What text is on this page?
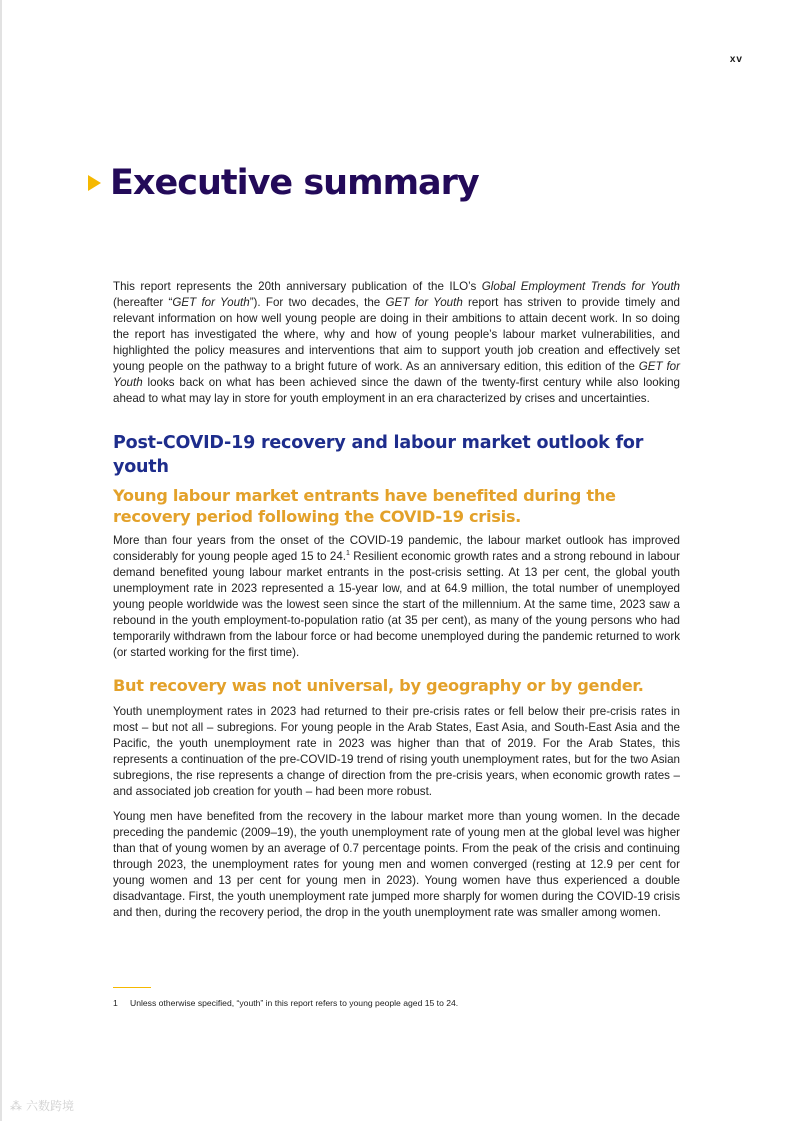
xv
Executive summary

This report represents the 20th anniversary publication of the ILO’s Global Employment Trends for Youth (hereafter “GET for Youth”). For two decades, the GET for Youth report has striven to provide timely and relevant information on how well young people are doing in their ambitions to attain decent work. In so doing the report has investigated the where, why and how of young people’s labour market vulnerabilities, and highlighted the policy measures and interventions that aim to support youth job creation and effectively set young people on the pathway to a bright future of work. As an anniversary edition, this edition of the GET for Youth looks back on what has been achieved since the dawn of the twenty-first century while also looking ahead to what may lay in store for youth employment in an era characterized by crises and uncertainties.

Post-COVID-19 recovery and labour market outlook for youth
Young labour market entrants have benefited during the recovery period following the COVID-19 crisis.

More than four years from the onset of the COVID-19 pandemic, the labour market outlook has improved considerably for young people aged 15 to 24.$^1$ Resilient economic growth rates and a strong rebound in labour demand benefited young labour market entrants in the post-crisis setting. At 13 per cent, the global youth unemployment rate in 2023 represented a 15-year low, and at 64.9 million, the total number of unemployed young people worldwide was the lowest seen since the start of the millennium. At the same time, 2023 saw a rebound in the youth employment-to-population ratio (at 35 per cent), as many of the young persons who had temporarily withdrawn from the labour force or had become unemployed during the pandemic returned to work (or started working for the first time).

But recovery was not universal, by geography or by gender.

Youth unemployment rates in 2023 had returned to their pre-crisis rates or fell below their pre-crisis rates in most – but not all – subregions. For young people in the Arab States, East Asia, and South-East Asia and the Pacific, the youth unemployment rate in 2023 was higher than that of 2019. For the Arab States, this represents a continuation of the pre-COVID-19 trend of rising youth unemployment rates, but for the two Asian subregions, the rise represents a change of direction from the pre-crisis years, when economic growth rates – and associated job creation for youth – had been more robust.

Young men have benefited from the recovery in the labour market more than young women. In the decade preceding the pandemic (2009–19), the youth unemployment rate of young men at the global level was higher than that of young women by an average of 0.7 percentage points. From the peak of the crisis and continuing through 2023, the unemployment rates for young men and women converged (resting at 12.9 per cent for young women and 13 per cent for young men in 2023). Young women have thus experienced a double disadvantage. First, the youth unemployment rate jumped more sharply for women during the COVID-19 crisis and then, during the recovery period, the drop in the youth unemployment rate was smaller among women.

1	Unless otherwise specified, “youth” in this report refers to young people aged 15 to 24.
⁂ 六数跨境
